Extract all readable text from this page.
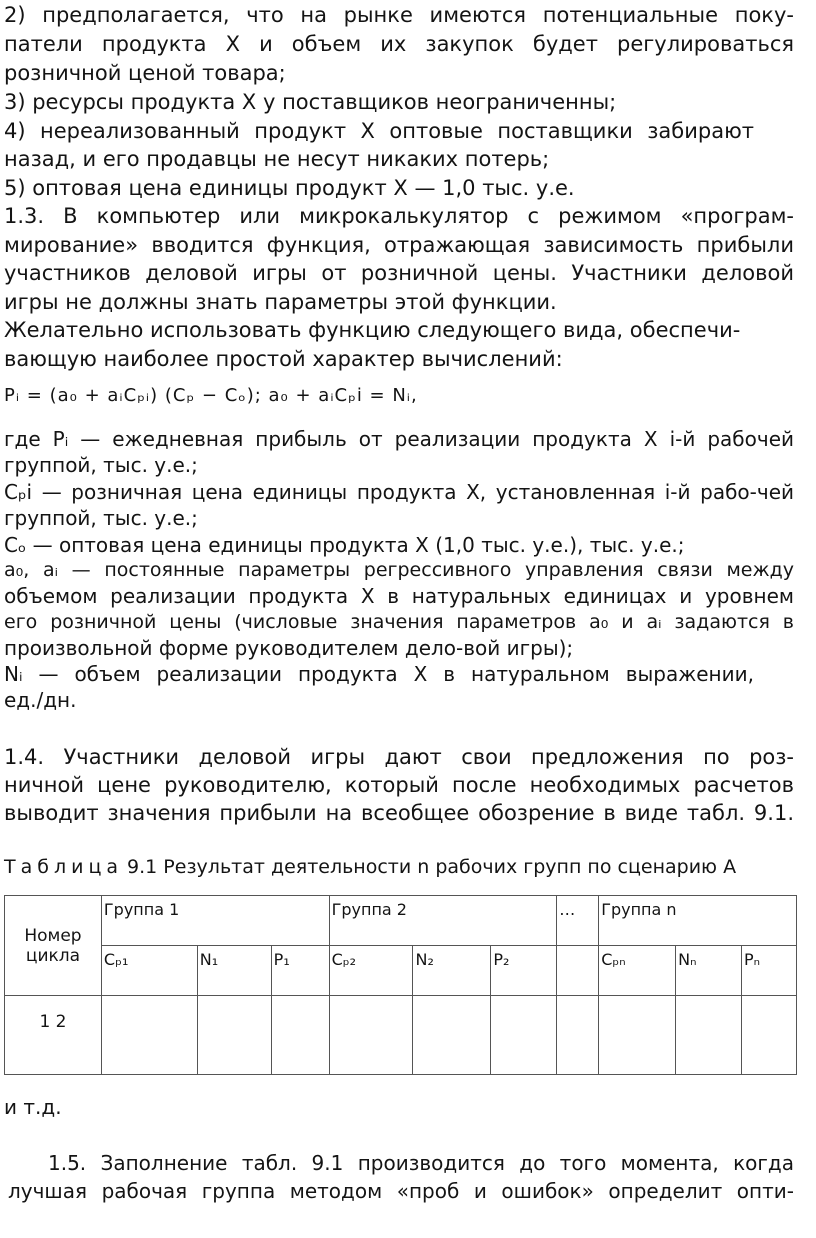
2) предполагается, что на рынке имеются потенциальные поку-
патели продукта X и объем их закупок будет регулироваться
розничной ценой товара;
3) ресурсы продукта X у поставщиков неограниченны;
4) нереализованный продукт X оптовые поставщики забирают
назад, и его продавцы не несут никаких потерь;
5) оптовая цена единицы продукт X — 1,0 тыс. у.е.
1.3. В компьютер или микрокалькулятор с режимом «програм-
мирование» вводится функция, отражающая зависимость прибыли
участников деловой игры от розничной цены. Участники деловой
игры не должны знать параметры этой функции.
Желательно использовать функцию следующего вида, обеспечи-
вающую наиболее простой характер вычислений:
Pᵢ = (a₀ + aᵢCₚᵢ) (Cₚ − Cₒ); a₀ + aᵢCₚi = Nᵢ,
где Pᵢ — ежедневная прибыль от реализации продукта X i-й рабочей
группой, тыс. у.е.;
Cₚi — розничная цена единицы продукта X, установленная i-й рабо-чей
группой, тыс. у.е.;
Cₒ — оптовая цена единицы продукта X (1,0 тыс. у.е.), тыс. у.е.;
a₀, aᵢ — постоянные параметры регрессивного управления связи между
объемом реализации продукта X в натуральных единицах и уровнем
его розничной цены (числовые значения параметров a₀ и aᵢ задаются в
произвольной форме руководителем дело-вой игры);
Nᵢ — объем реализации продукта X в натуральном выражении,
ед./дн.
1.4. Участники деловой игры дают свои предложения по роз-
ничной цене руководителю, который после необходимых расчетов
выводит значения прибыли на всеобщее обозрение в виде табл. 9.1.
Таблица 9.1 Результат деятельности n рабочих групп по сценарию А
Номер цикла	Группа 1			Группа 2			…	Группа n		
	Cₚ₁	N₁	P₁	Cₚ₂	N₂	P₂		Cₚₙ	Nₙ	Pₙ
1 2										
и т.д.
1.5. Заполнение табл. 9.1 производится до того момента, когда
лучшая рабочая группа методом «проб и ошибок» определит опти-
